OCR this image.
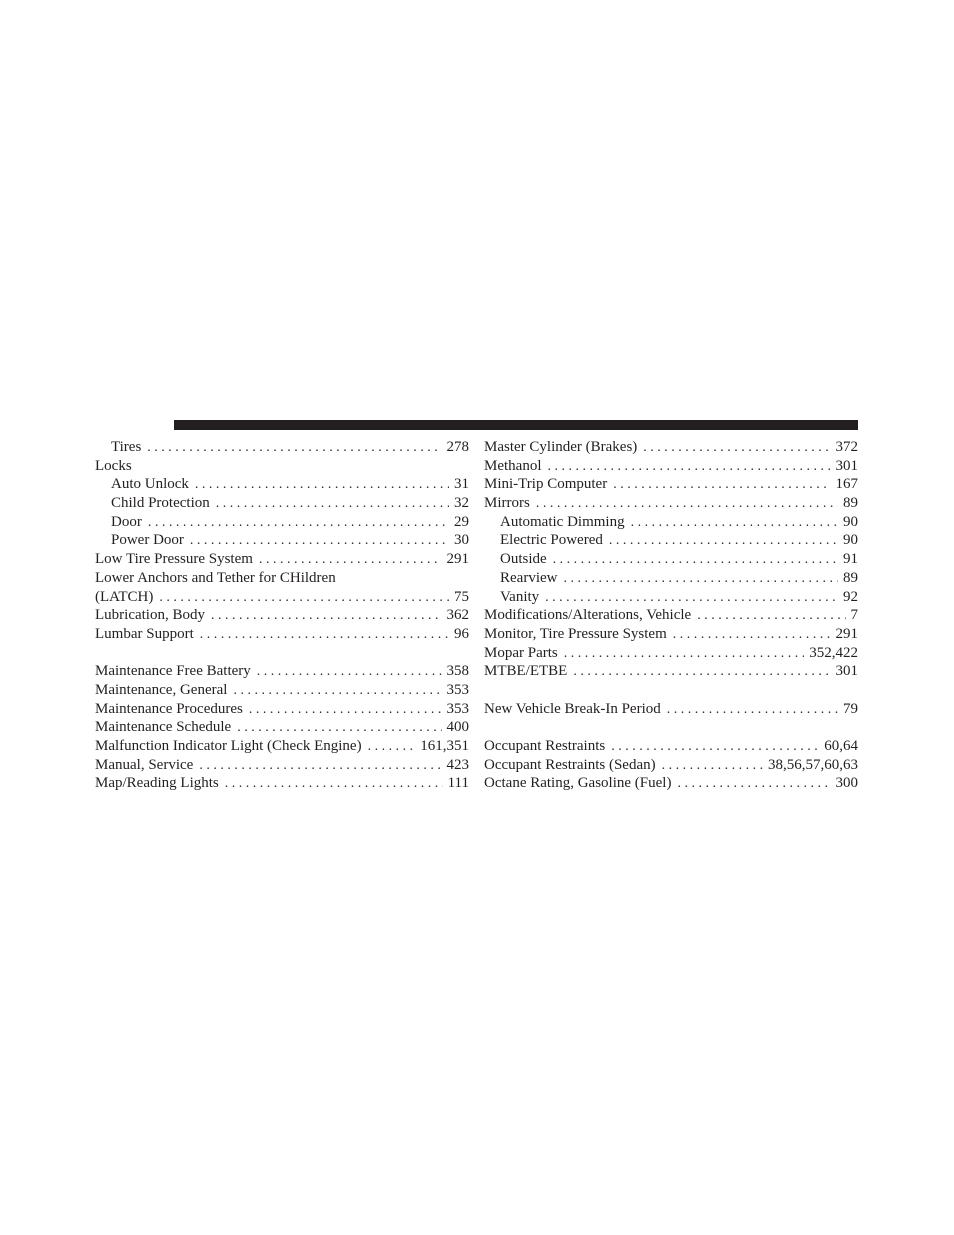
Tires . . .	278
Locks
Auto Unlock . . .	31
Child Protection . . .	32
Door . . .	29
Power Door . . .	30
Low Tire Pressure System . . .	291
Lower Anchors and Tether for CHildren
(LATCH) . . .	75
Lubrication, Body . . .	362
Lumbar Support . . .	96
Maintenance Free Battery . . .	358
Maintenance, General . . .	353
Maintenance Procedures . . .	353
Maintenance Schedule . . .	400
Malfunction Indicator Light (Check Engine) . . .	161,351
Manual, Service . . .	423
Map/Reading Lights . . .	111
Master Cylinder (Brakes) . . .	372
Methanol . . .	301
Mini-Trip Computer . . .	167
Mirrors . . .	89
Automatic Dimming . . .	90
Electric Powered . . .	90
Outside . . .	91
Rearview . . .	89
Vanity . . .	92
Modifications/Alterations, Vehicle . . .	7
Monitor, Tire Pressure System . . .	291
Mopar Parts . . .	352,422
MTBE/ETBE . . .	301
New Vehicle Break-In Period . . .	79
Occupant Restraints . . .	60,64
Occupant Restraints (Sedan) . . .	38,56,57,60,63
Octane Rating, Gasoline (Fuel) . . .	300
